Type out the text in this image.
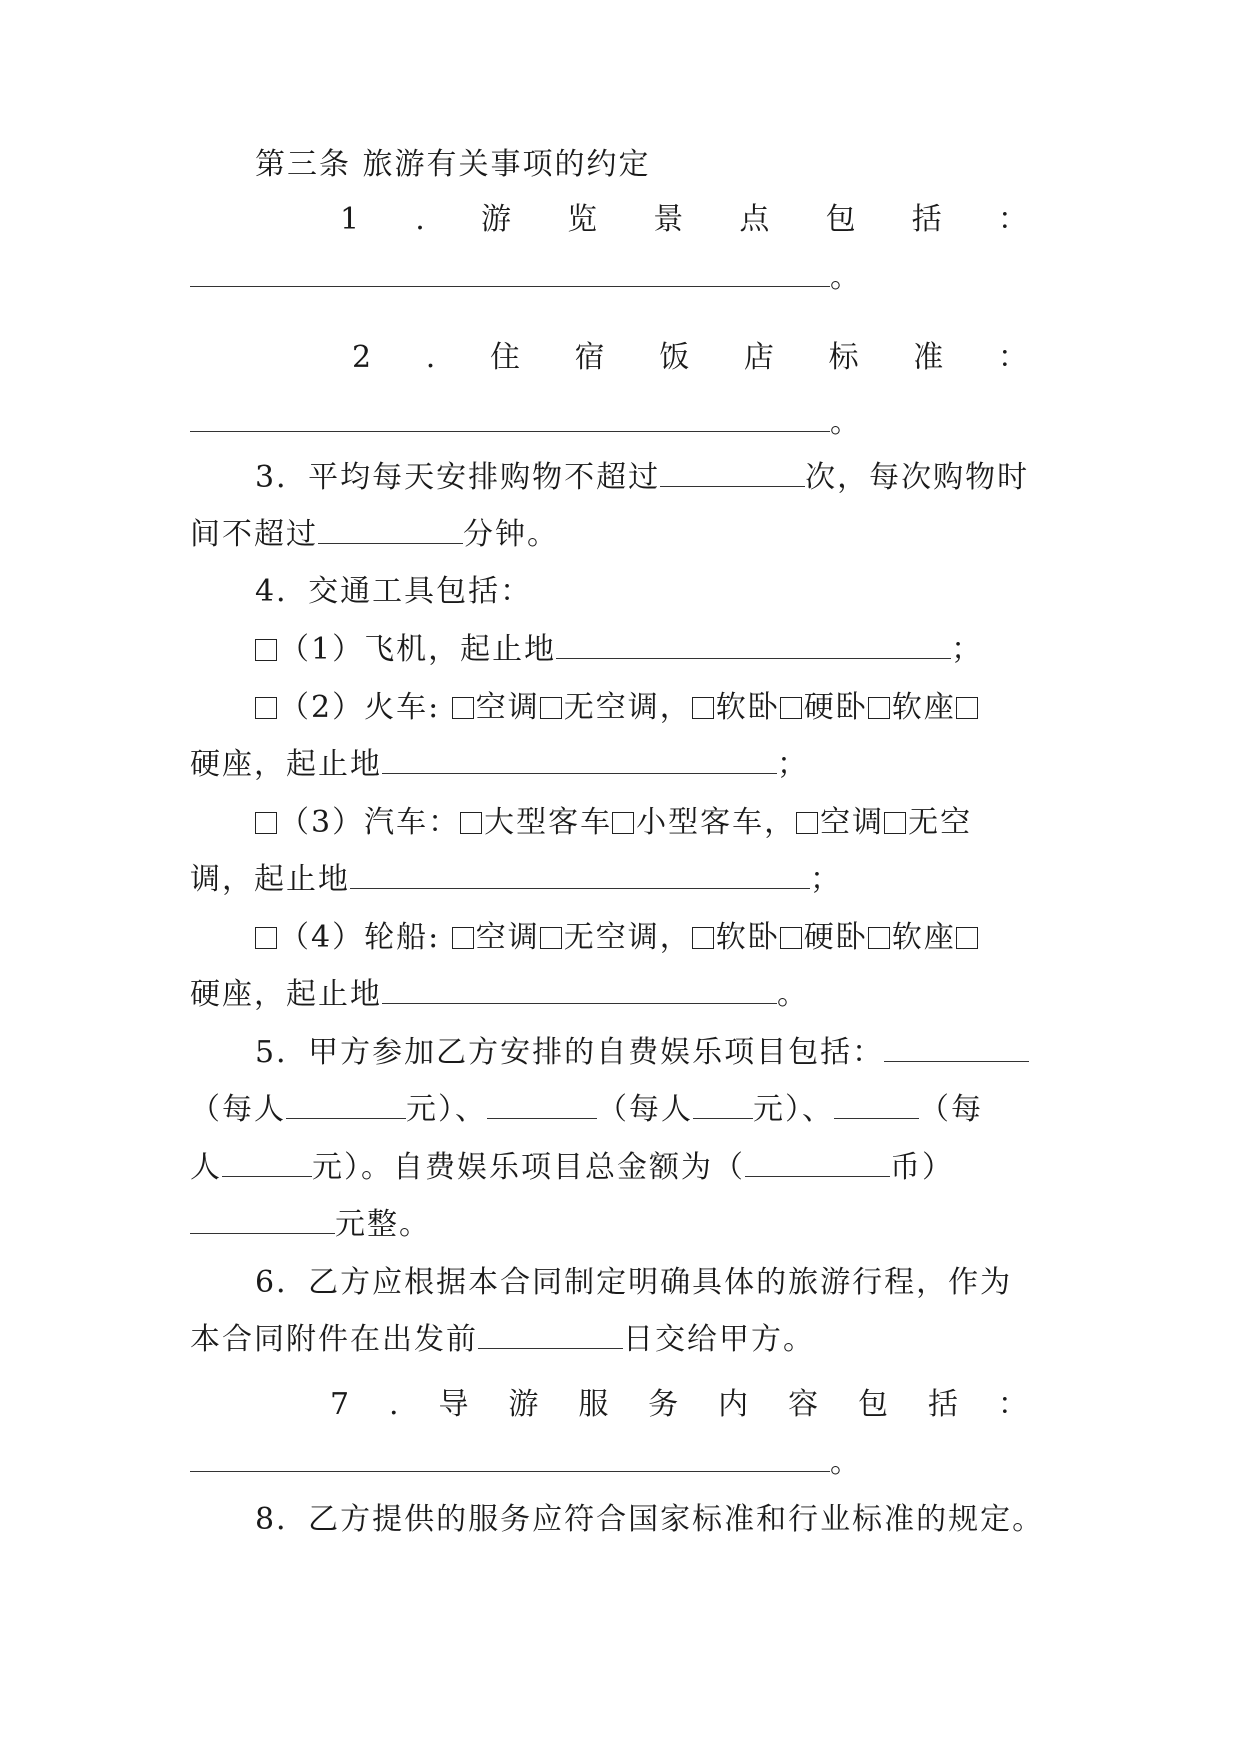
第三条 旅游有关事项的约定
1 . 游 览 景 点 包 括 ：
。
2 . 住 宿 饭 店 标 准 ：
。
3．平均每天安排购物不超过	次，每次购物时
间不超过	分钟。
4．交通工具包括：
（1）飞机，起止地	；
（2）火车: 空调 无空调， 软卧 硬卧 软座
硬座，起止地	；
（3）汽车： 大型客车 小型客车， 空调 无空
调，起止地	；
（4）轮船: 空调 无空调， 软卧 硬卧 软座
硬座，起止地	。
5．甲方参加乙方安排的自费娱乐项目包括：
（每人	元）、	（每人 元）、	（每
人	元）。自费娱乐项目总金额为（	币）
元整。
6．乙方应根据本合同制定明确具体的旅游行程，作为
本合同附件在出发前	日交给甲方。
7 . 导 游 服 务 内 容 包 括 ：
。
8．乙方提供的服务应符合国家标准和行业标准的规定。
